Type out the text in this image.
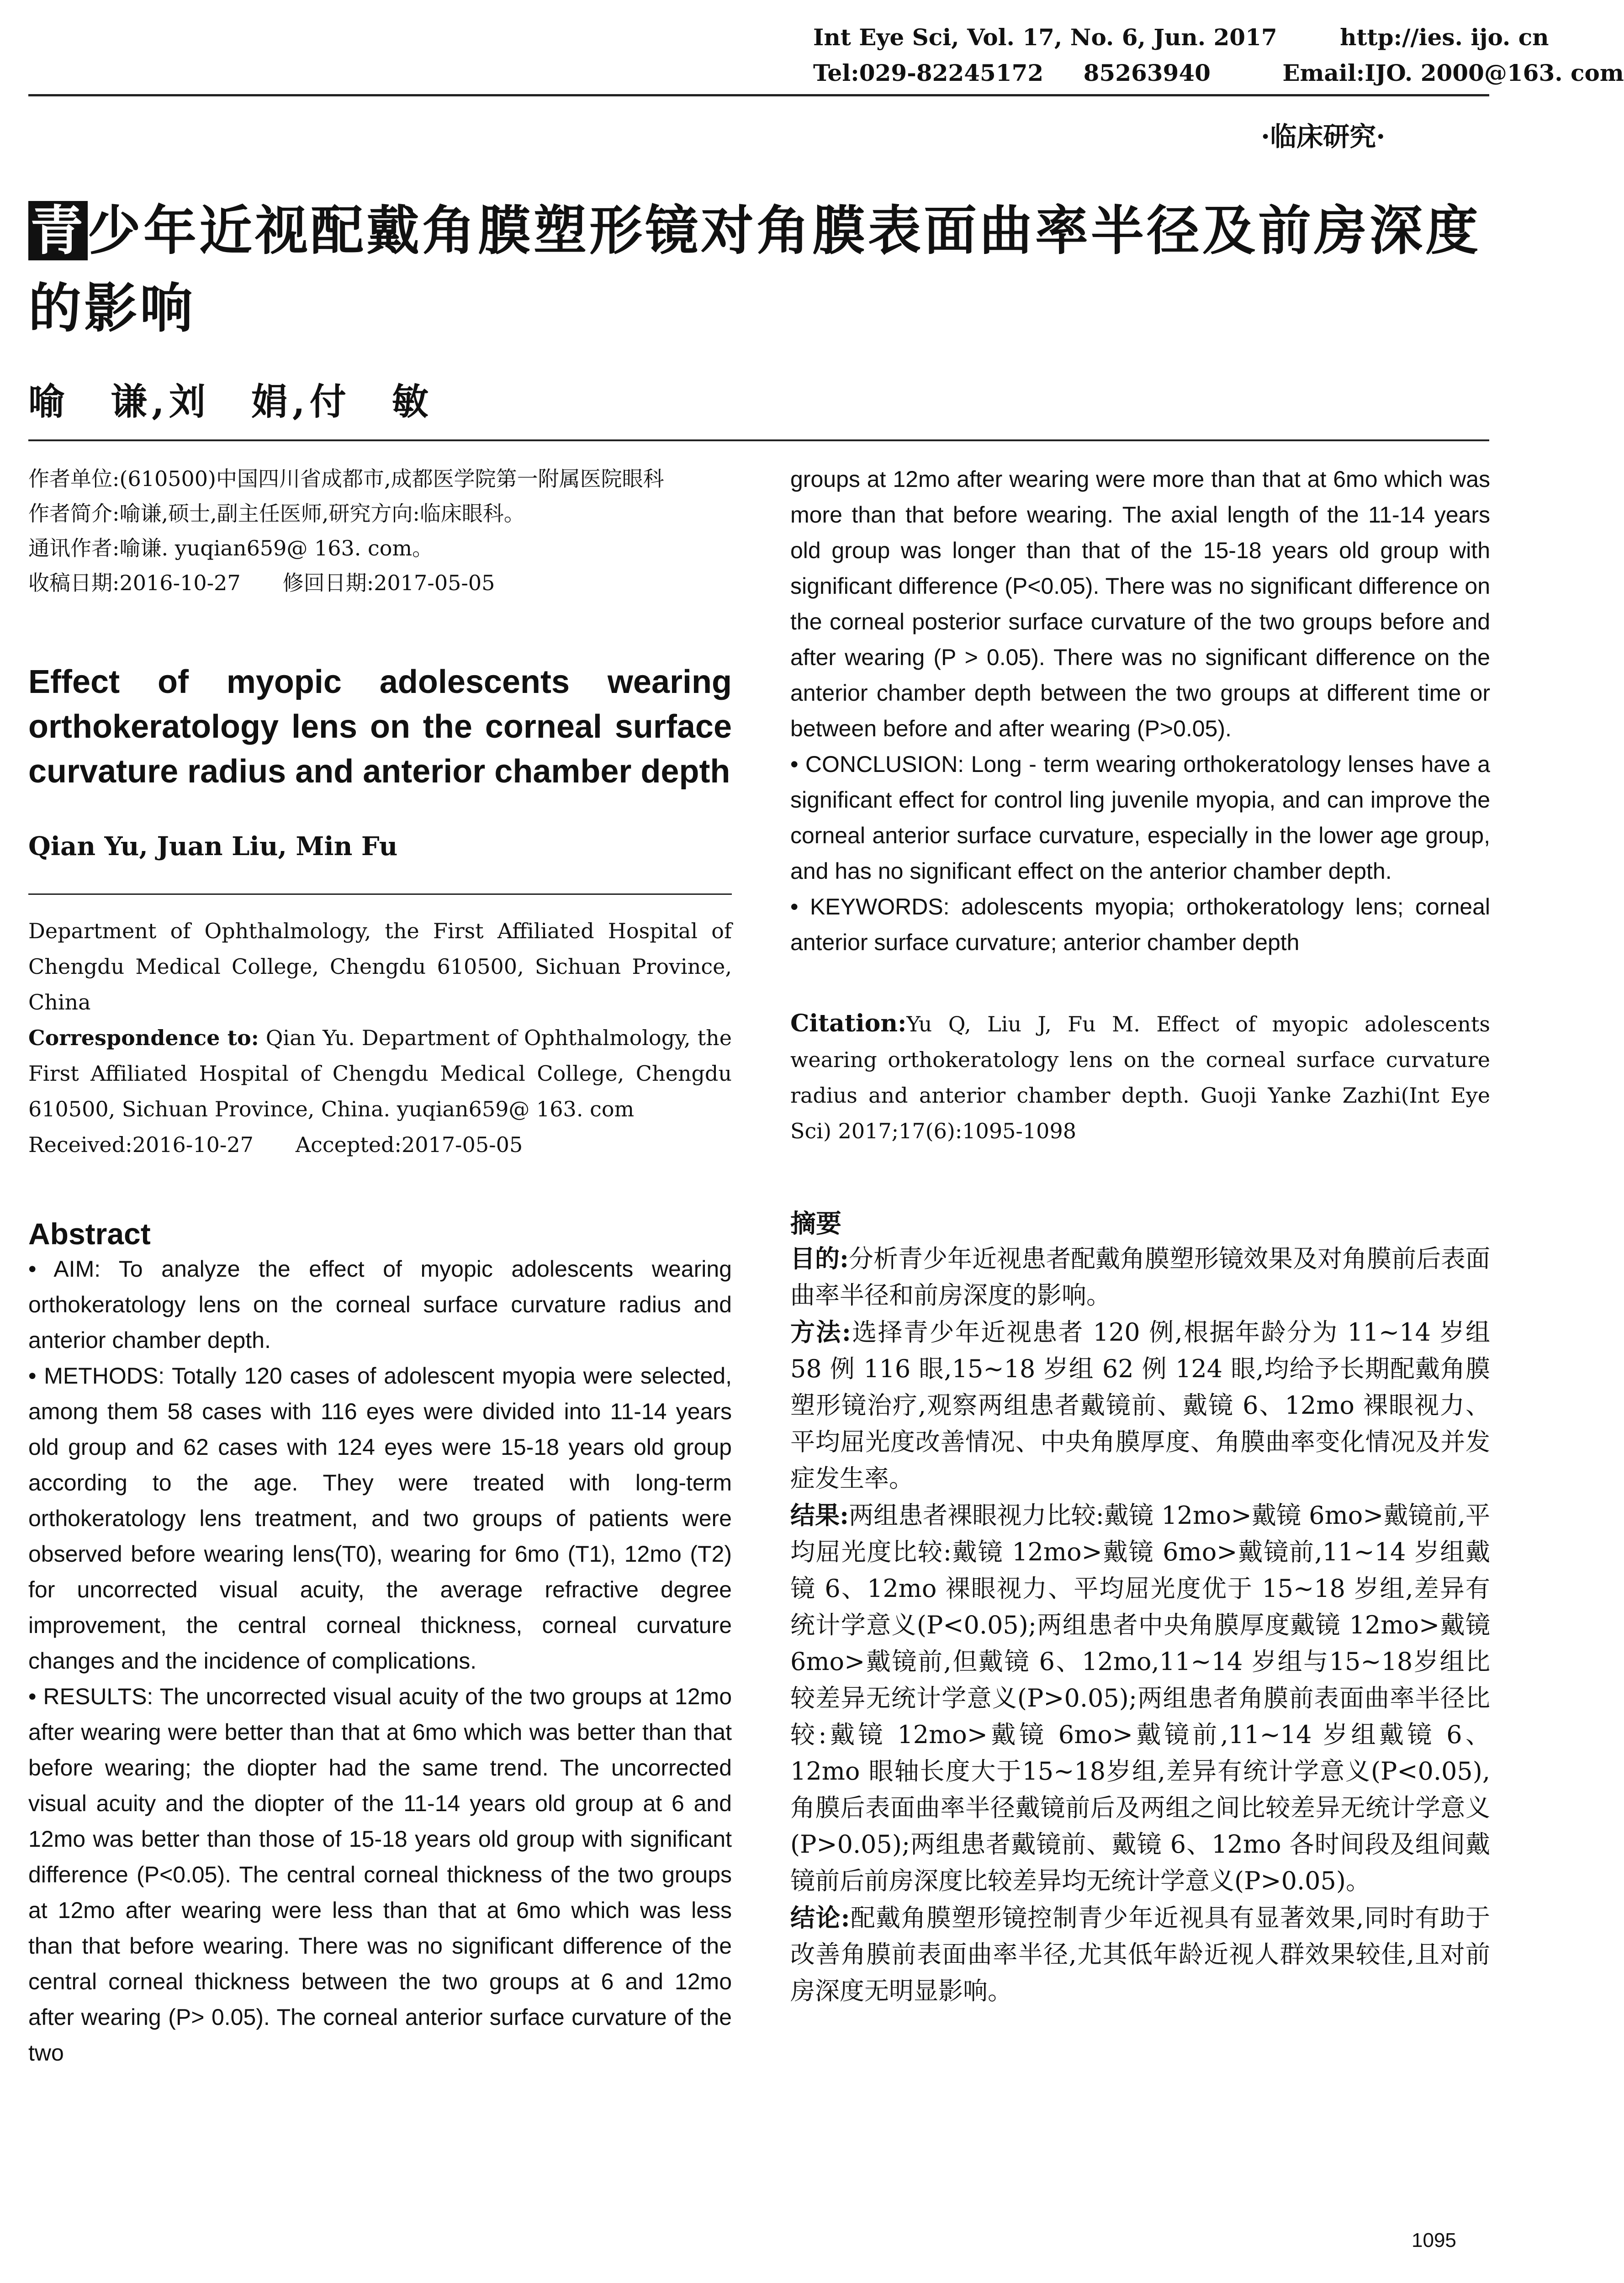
Int Eye Sci, Vol. 17, No. 6, Jun. 2017	http://ies. ijo. cn
Tel:029-82245172 85263940	Email:IJO. 2000@163. com
·临床研究·
青少年近视配戴角膜塑形镜对角膜表面曲率半径及前房深度的影响
喻　谦,刘　娟,付　敏

作者单位:(610500)中国四川省成都市,成都医学院第一附属医院眼科

作者简介:喻谦,硕士,副主任医师,研究方向:临床眼科。

通讯作者:喻谦. yuqian659@ 163. com。

收稿日期:2016-10-27　　修回日期:2017-05-05

Effect of myopic adolescents wearing orthokeratology lens on the corneal surface curvature radius and anterior chamber depth
Qian Yu, Juan Liu, Min Fu

Department of Ophthalmology, the First Affiliated Hospital of Chengdu Medical College, Chengdu 610500, Sichuan Province, China

Correspondence to: Qian Yu. Department of Ophthalmology, the First Affiliated Hospital of Chengdu Medical College, Chengdu 610500, Sichuan Province, China. yuqian659@ 163. com

Received:2016-10-27　　Accepted:2017-05-05

Abstract

• AIM: To analyze the effect of myopic adolescents wearing orthokeratology lens on the corneal surface curvature radius and anterior chamber depth.

• METHODS: Totally 120 cases of adolescent myopia were selected, among them 58 cases with 116 eyes were divided into 11-14 years old group and 62 cases with 124 eyes were 15-18 years old group according to the age. They were treated with long-term orthokeratology lens treatment, and two groups of patients were observed before wearing lens(T0), wearing for 6mo (T1), 12mo (T2) for uncorrected visual acuity, the average refractive degree improvement, the central corneal thickness, corneal curvature changes and the incidence of complications.

• RESULTS: The uncorrected visual acuity of the two groups at 12mo after wearing were better than that at 6mo which was better than that before wearing; the diopter had the same trend. The uncorrected visual acuity and the diopter of the 11-14 years old group at 6 and 12mo was better than those of 15-18 years old group with significant difference (P<0.05). The central corneal thickness of the two groups at 12mo after wearing were less than that at 6mo which was less than that before wearing. There was no significant difference of the central corneal thickness between the two groups at 6 and 12mo after wearing (P> 0.05). The corneal anterior surface curvature of the two

groups at 12mo after wearing were more than that at 6mo which was more than that before wearing. The axial length of the 11-14 years old group was longer than that of the 15-18 years old group with significant difference (P<0.05). There was no significant difference on the corneal posterior surface curvature of the two groups before and after wearing (P > 0.05). There was no significant difference on the anterior chamber depth between the two groups at different time or between before and after wearing (P>0.05).

• CONCLUSION: Long - term wearing orthokeratology lenses have a significant effect for control ling juvenile myopia, and can improve the corneal anterior surface curvature, especially in the lower age group, and has no significant effect on the anterior chamber depth.

• KEYWORDS: adolescents myopia; orthokeratology lens; corneal anterior surface curvature; anterior chamber depth

Citation:Yu Q, Liu J, Fu M. Effect of myopic adolescents wearing orthokeratology lens on the corneal surface curvature radius and anterior chamber depth. Guoji Yanke Zazhi(Int Eye Sci) 2017;17(6):1095-1098
摘要

目的:分析青少年近视患者配戴角膜塑形镜效果及对角膜前后表面曲率半径和前房深度的影响。

方法:选择青少年近视患者 120 例,根据年龄分为 11~14 岁组 58 例 116 眼,15~18 岁组 62 例 124 眼,均给予长期配戴角膜塑形镜治疗,观察两组患者戴镜前、戴镜 6、12mo 裸眼视力、平均屈光度改善情况、中央角膜厚度、角膜曲率变化情况及并发症发生率。

结果:两组患者裸眼视力比较:戴镜 12mo>戴镜 6mo>戴镜前,平均屈光度比较:戴镜 12mo>戴镜 6mo>戴镜前,11~14 岁组戴镜 6、12mo 裸眼视力、平均屈光度优于 15~18 岁组,差异有统计学意义(P<0.05);两组患者中央角膜厚度戴镜 12mo>戴镜 6mo>戴镜前,但戴镜 6、12mo,11~14 岁组与15~18岁组比较差异无统计学意义(P>0.05);两组患者角膜前表面曲率半径比较:戴镜 12mo>戴镜 6mo>戴镜前,11~14 岁组戴镜 6、12mo 眼轴长度大于15~18岁组,差异有统计学意义(P<0.05),角膜后表面曲率半径戴镜前后及两组之间比较差异无统计学意义(P>0.05);两组患者戴镜前、戴镜 6、12mo 各时间段及组间戴镜前后前房深度比较差异均无统计学意义(P>0.05)。

结论:配戴角膜塑形镜控制青少年近视具有显著效果,同时有助于改善角膜前表面曲率半径,尤其低年龄近视人群效果较佳,且对前房深度无明显影响。

1095
